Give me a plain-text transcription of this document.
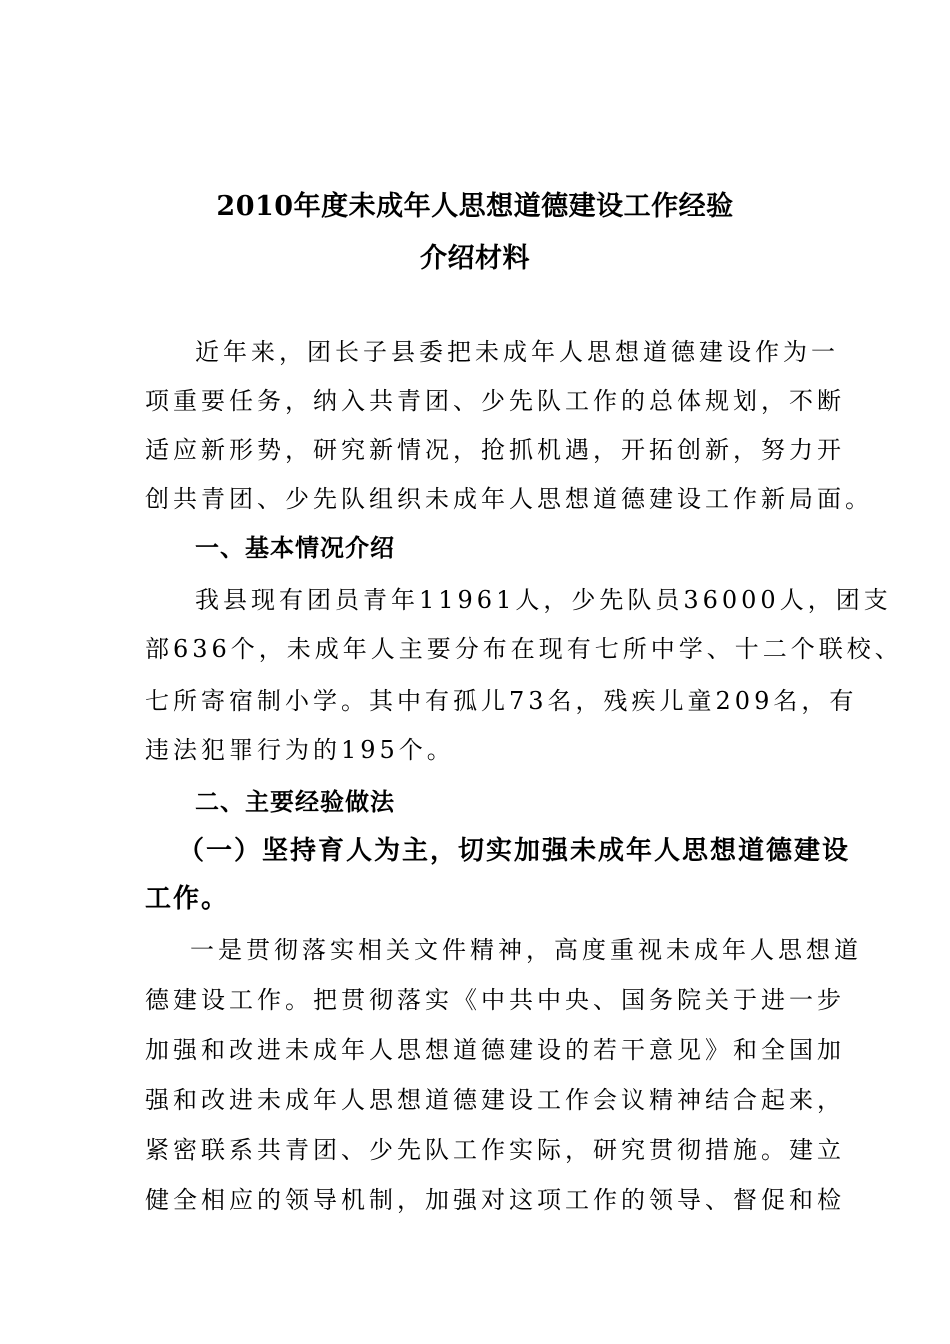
2010年度未成年人思想道德建设工作经验
介绍材料
近年来，团长子县委把未成年人思想道德建设作为一
项重要任务，纳入共青团、少先队工作的总体规划，不断
适应新形势，研究新情况，抢抓机遇，开拓创新，努力开
创共青团、少先队组织未成年人思想道德建设工作新局面。
一、基本情况介绍
我县现有团员青年11961人，少先队员36000人，团支
部636个，未成年人主要分布在现有七所中学、十二个联校、
七所寄宿制小学。其中有孤儿73名，残疾儿童209名，有
违法犯罪行为的195个。
二、主要经验做法
（一）坚持育人为主，切实加强未成年人思想道德建设
工作。
一是贯彻落实相关文件精神，高度重视未成年人思想道
德建设工作。把贯彻落实《中共中央、国务院关于进一步
加强和改进未成年人思想道德建设的若干意见》和全国加
强和改进未成年人思想道德建设工作会议精神结合起来，
紧密联系共青团、少先队工作实际，研究贯彻措施。建立
健全相应的领导机制，加强对这项工作的领导、督促和检
